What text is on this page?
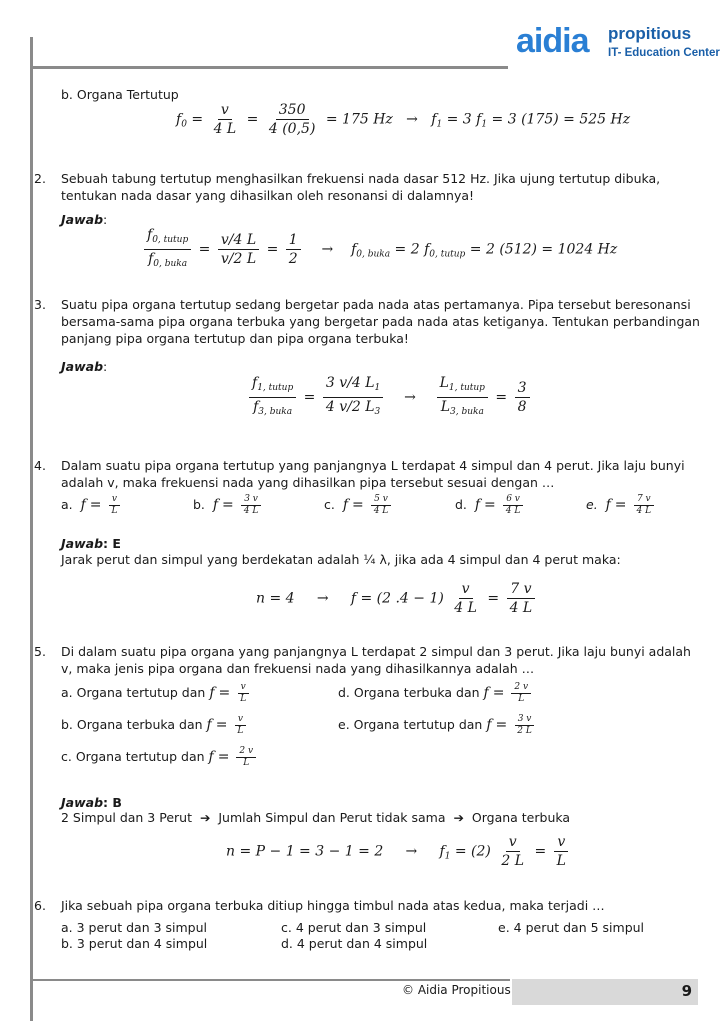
aidia propitious
IT- Education Center
b. Organa Tertutup
$f_0 = \frac{v}{4 L} = \frac{350}{4 (0,5)} = 175$ $Hz \to f_1 = 3$ $f_1 = 3$ (175) = 525 Hz
2. Sebuah tabung tertutup menghasilkan frekuensi nada dasar 512 Hz. Jika ujung tertutup dibuka,
tentukan nada dasar yang dihasilkan oleh resonansi di dalamnya!
Jawab:
$\frac{f_{0, tutup}}{f_{0, buka}} = \frac{v/4 L}{v/2 L} = \frac{1}{2} \to f_{0, buka} = 2$ $f_{0, tutup} = 2$ (512) = 1024 Hz
3. Suatu pipa organa tertutup sedang bergetar pada nada atas pertamanya. Pipa tersebut beresonansi
bersama-sama pipa organa terbuka yang bergetar pada nada atas ketiganya. Tentukan perbandingan
panjang pipa organa tertutup dan pipa organa terbuka!
Jawab:
$\frac{f_{1, tutup}}{f_{3, buka}} = \frac{3 v/4 L_1}{4 v/2 L_3} \to \frac{L_{1, tutup}}{L_{3, buka}} = \frac{3}{8}$
4. Dalam suatu pipa organa tertutup yang panjangnya L terdapat 4 simpul dan 4 perut. Jika laju bunyi
adalah v, maka frekuensi nada yang dihasilkan pipa tersebut sesuai dengan …
a. $f = \frac{v}{L}$	b. $f = \frac{3 v}{4 L}$	c. $f = \frac{5 v}{4 L}$	d. $f = \frac{6 v}{4 L}$	e. $f = \frac{7 v}{4 L}$
Jawab: E
Jarak perut dan simpul yang berdekatan adalah ¼ λ, jika ada 4 simpul dan 4 perut maka:
n = 4 → f = (2 $.4 - 1) \frac{v}{4 L} = \frac{7 v}{4 L}$
5. Di dalam suatu pipa organa yang panjangnya L terdapat 2 simpul dan 3 perut. Jika laju bunyi adalah
v, maka jenis pipa organa dan frekuensi nada yang dihasilkannya adalah …
a. Organa tertutup dan $f = \frac{v}{L}$	d. Organa terbuka dan $f = \frac{2 v}{L}$
b. Organa terbuka dan $f = \frac{v}{L}$	e. Organa tertutup dan $f = \frac{3 v}{2 L}$
c. Organa tertutup dan $f = \frac{2 v}{L}$
Jawab: B
2 Simpul dan 3 Perut ➔ Jumlah Simpul dan Perut tidak sama ➔ Organa terbuka
$n = P - 1 = 3 - 1 = 2 \to f_1 = (2) \frac{v}{2 L} = \frac{v}{L}$
6. Jika sebuah pipa organa terbuka ditiup hingga timbul nada atas kedua, maka terjadi …
a. 3 perut dan 3 simpul	c. 4 perut dan 3 simpul	e. 4 perut dan 5 simpul
b. 3 perut dan 4 simpul	d. 4 perut dan 4 simpul
© Aidia Propitious	9
